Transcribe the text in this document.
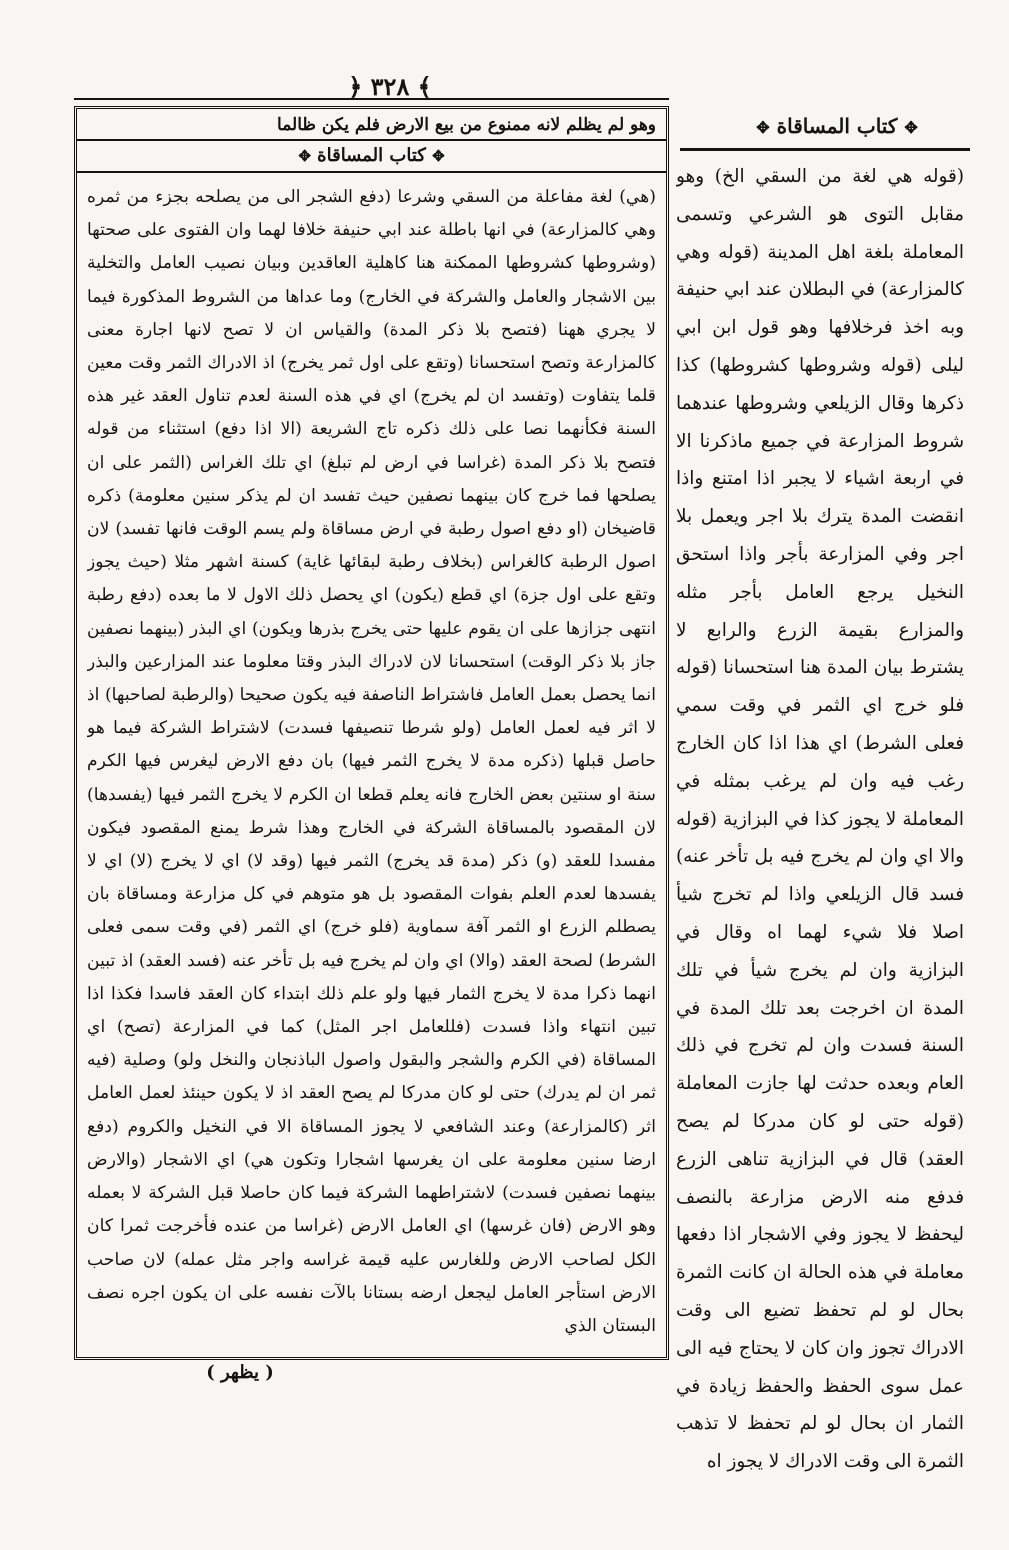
﴿ ٣٢٨ ﴾
✥ كتاب المساقاة ✥

(قوله هي لغة من السقي الخ) وهو مقابل التوى هو الشرعي وتسمى المعاملة بلغة اهل المدينة (قوله وهي كالمزارعة) في البطلان عند ابي حنيفة وبه اخذ فرخلافها وهو قول ابن ابي ليلى (قوله وشروطها كشروطها) كذا ذكرها وقال الزيلعي وشروطها عندهما شروط المزارعة في جميع ماذكرنا الا في اربعة اشياء لا يجبر اذا امتنع واذا انقضت المدة يترك بلا اجر ويعمل بلا اجر وفي المزارعة بأجر واذا استحق النخيل يرجع العامل بأجر مثله والمزارع بقيمة الزرع والرابع لا يشترط بيان المدة هنا استحسانا (قوله فلو خرج اي الثمر في وقت سمي فعلى الشرط) اي هذا اذا كان الخارج رغب فيه وان لم يرغب بمثله في المعاملة لا يجوز كذا في البزازية (قوله والا اي وان لم يخرج فيه بل تأخر عنه) فسد قال الزيلعي واذا لم تخرج شيأ اصلا فلا شيء لهما اه وقال في البزازية وان لم يخرج شيأ في تلك المدة ان اخرجت بعد تلك المدة في السنة فسدت وان لم تخرج في ذلك العام وبعده حدثت لها جازت المعاملة (قوله حتى لو كان مدركا لم يصح العقد) قال في البزازية تناهى الزرع فدفع منه الارض مزارعة بالنصف ليحفظ لا يجوز وفي الاشجار اذا دفعها معاملة في هذه الحالة ان كانت الثمرة بحال لو لم تحفظ تضيع الى وقت الادراك تجوز وان كان لا يحتاج فيه الى عمل سوى الحفظ والحفظ زيادة في الثمار ان بحال لو لم تحفظ لا تذهب الثمرة الى وقت الادراك لا يجوز اه

وهو لم يظلم لانه ممنوع من بيع الارض فلم يكن ظالما
✥ كتاب المساقاة ✥

(هي) لغة مفاعلة من السقي وشرعا (دفع الشجر الى من يصلحه بجزء من ثمره وهي كالمزارعة) في انها باطلة عند ابي حنيفة خلافا لهما وان الفتوى على صحتها (وشروطها كشروطها الممكنة هنا كاهلية العاقدين وبيان نصيب العامل والتخلية بين الاشجار والعامل والشركة في الخارج) وما عداها من الشروط المذكورة فيما لا يجري ههنا (فتصح بلا ذكر المدة) والقياس ان لا تصح لانها اجارة معنى كالمزارعة وتصح استحسانا (وتقع على اول ثمر يخرج) اذ الادراك الثمر وقت معين قلما يتفاوت (وتفسد ان لم يخرج) اي في هذه السنة لعدم تناول العقد غير هذه السنة فكأنهما نصا على ذلك ذكره تاج الشريعة (الا اذا دفع) استثناء من قوله فتصح بلا ذكر المدة (غراسا في ارض لم تبلغ) اي تلك الغراس (الثمر على ان يصلحها فما خرج كان بينهما نصفين حيث تفسد ان لم يذكر سنين معلومة) ذكره قاضيخان (او دفع اصول رطبة في ارض مساقاة ولم يسم الوقت فانها تفسد) لان اصول الرطبة كالغراس (بخلاف رطبة لبقائها غاية) كسنة اشهر مثلا (حيث يجوز وتقع على اول جزة) اي قطع (يكون) اي يحصل ذلك الاول لا ما بعده (دفع رطبة انتهى جزازها على ان يقوم عليها حتى يخرج بذرها ويكون) اي البذر (بينهما نصفين جاز بلا ذكر الوقت) استحسانا لان لادراك البذر وقتا معلوما عند المزارعين والبذر انما يحصل بعمل العامل فاشتراط الناصفة فيه يكون صحيحا (والرطبة لصاحبها) اذ لا اثر فيه لعمل العامل (ولو شرطا تنصيفها فسدت) لاشتراط الشركة فيما هو حاصل قبلها (ذكره مدة لا يخرج الثمر فيها) بان دفع الارض ليغرس فيها الكرم سنة او سنتين بعض الخارج فانه يعلم قطعا ان الكرم لا يخرج الثمر فيها (يفسدها) لان المقصود بالمساقاة الشركة في الخارج وهذا شرط يمنع المقصود فيكون مفسدا للعقد (و) ذكر (مدة قد يخرج) الثمر فيها (وقد لا) اي لا يخرج (لا) اي لا يفسدها لعدم العلم بفوات المقصود بل هو متوهم في كل مزارعة ومساقاة بان يصطلم الزرع او الثمر آفة سماوية (فلو خرج) اي الثمر (في وقت سمى فعلى الشرط) لصحة العقد (والا) اي وان لم يخرج فيه بل تأخر عنه (فسد العقد) اذ تبين انهما ذكرا مدة لا يخرج الثمار فيها ولو علم ذلك ابتداء كان العقد فاسدا فكذا اذا تبين انتهاء واذا فسدت (فللعامل اجر المثل) كما في المزارعة (تصح) اي المساقاة (في الكرم والشجر والبقول واصول الباذنجان والنخل ولو) وصلية (فيه ثمر ان لم يدرك) حتى لو كان مدركا لم يصح العقد اذ لا يكون حينئذ لعمل العامل اثر (كالمزارعة) وعند الشافعي لا يجوز المساقاة الا في النخيل والكروم (دفع ارضا سنين معلومة على ان يغرسها اشجارا وتكون هي) اي الاشجار (والارض بينهما نصفين فسدت) لاشتراطهما الشركة فيما كان حاصلا قبل الشركة لا بعمله وهو الارض (فان غرسها) اي العامل الارض (غراسا من عنده فأخرجت ثمرا كان الكل لصاحب الارض وللغارس عليه قيمة غراسه واجر مثل عمله) لان صاحب الارض استأجر العامل ليجعل ارضه بستانا بالآت نفسه على ان يكون اجره نصف البستان الذي

( يظهر )
